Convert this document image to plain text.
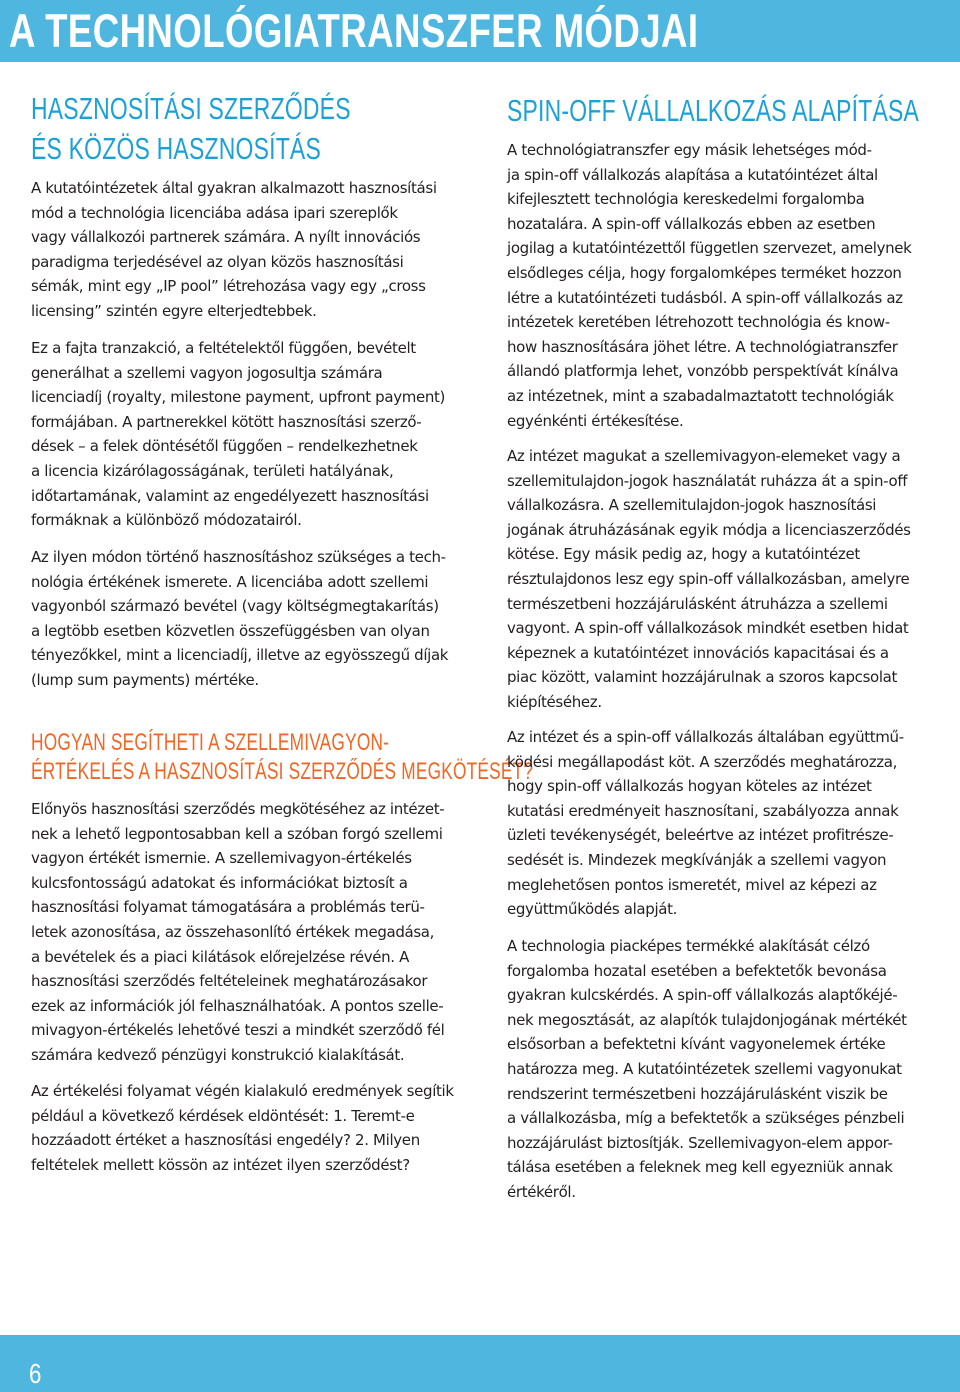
A TECHNOLÓGIATRANSZFER MÓDJAI
HASZNOSÍTÁSI SZERZŐDÉS
ÉS KÖZÖS HASZNOSÍTÁS
A kutatóintézetek által gyakran alkalmazott hasznosítási
mód a technológia licenciába adása ipari szereplők
vagy vállalkozói partnerek számára. A nyílt innovációs
paradigma terjedésével az olyan közös hasznosítási
sémák, mint egy „IP pool” létrehozása vagy egy „cross
licensing” szintén egyre elterjedtebbek.
Ez a fajta tranzakció, a feltételektől függően, bevételt
generálhat a szellemi vagyon jogosultja számára
licenciadíj (royalty, milestone payment, upfront payment)
formájában. A partnerekkel kötött hasznosítási szerző-
dések – a felek döntésétől függően – rendelkezhetnek
a licencia kizárólagosságának, területi hatályának,
időtartamának, valamint az engedélyezett hasznosítási
formáknak a különböző módozatairól.
Az ilyen módon történő hasznosításhoz szükséges a tech-
nológia értékének ismerete. A licenciába adott szellemi
vagyonból származó bevétel (vagy költségmegtakarítás)
a legtöbb esetben közvetlen összefüggésben van olyan
tényezőkkel, mint a licenciadíj, illetve az egyösszegű díjak
(lump sum payments) mértéke.
HOGYAN SEGÍTHETI A SZELLEMIVAGYON-
ÉRTÉKELÉS A HASZNOSÍTÁSI SZERZŐDÉS MEGKÖTÉSÉT?
Előnyös hasznosítási szerződés megkötéséhez az intézet-
nek a lehető legpontosabban kell a szóban forgó szellemi
vagyon értékét ismernie. A szellemivagyon-értékelés
kulcsfontosságú adatokat és információkat biztosít a
hasznosítási folyamat támogatására a problémás terü-
letek azonosítása, az összehasonlító értékek megadása,
a bevételek és a piaci kilátások előrejelzése révén. A
hasznosítási szerződés feltételeinek meghatározásakor
ezek az információk jól felhasználhatóak. A pontos szelle-
mivagyon-értékelés lehetővé teszi a mindkét szerződő fél
számára kedvező pénzügyi konstrukció kialakítását.
Az értékelési folyamat végén kialakuló eredmények segítik
például a következő kérdések eldöntését: 1. Teremt-e
hozzáadott értéket a hasznosítási engedély? 2. Milyen
feltételek mellett kössön az intézet ilyen szerződést?
SPIN-OFF VÁLLALKOZÁS ALAPÍTÁSA
A technológiatranszfer egy másik lehetséges mód-
ja spin-off vállalkozás alapítása a kutatóintézet által
kifejlesztett technológia kereskedelmi forgalomba
hozatalára. A spin-off vállalkozás ebben az esetben
jogilag a kutatóintézettől független szervezet, amelynek
elsődleges célja, hogy forgalomképes terméket hozzon
létre a kutatóintézeti tudásból. A spin-off vállalkozás az
intézetek keretében létrehozott technológia és know-
how hasznosítására jöhet létre. A technológiatranszfer
állandó platformja lehet, vonzóbb perspektívát kínálva
az intézetnek, mint a szabadalmaztatott technológiák
egyénkénti értékesítése.
Az intézet magukat a szellemivagyon-elemeket vagy a
szellemitulajdon-jogok használatát ruházza át a spin-off
vállalkozásra. A szellemitulajdon-jogok hasznosítási
jogának átruházásának egyik módja a licenciaszerződés
kötése. Egy másik pedig az, hogy a kutatóintézet
résztulajdonos lesz egy spin-off vállalkozásban, amelyre
természetbeni hozzájárulásként átruházza a szellemi
vagyont. A spin-off vállalkozások mindkét esetben hidat
képeznek a kutatóintézet innovációs kapacitásai és a
piac között, valamint hozzájárulnak a szoros kapcsolat
kiépítéséhez.
Az intézet és a spin-off vállalkozás általában együttmű-
ködési megállapodást köt. A szerződés meghatározza,
hogy spin-off vállalkozás hogyan köteles az intézet
kutatási eredményeit hasznosítani, szabályozza annak
üzleti tevékenységét, beleértve az intézet profitrésze-
sedését is. Mindezek megkívánják a szellemi vagyon
meglehetősen pontos ismeretét, mivel az képezi az
együttműködés alapját.
A technologia piacképes termékké alakítását célzó
forgalomba hozatal esetében a befektetők bevonása
gyakran kulcskérdés. A spin-off vállalkozás alaptőkéjé-
nek megosztását, az alapítók tulajdonjogának mértékét
elsősorban a befektetni kívánt vagyonelemek értéke
határozza meg. A kutatóintézetek szellemi vagyonukat
rendszerint természetbeni hozzájárulásként viszik be
a vállalkozásba, míg a befektetők a szükséges pénzbeli
hozzájárulást biztosítják. Szellemivagyon-elem appor-
tálása esetében a feleknek meg kell egyezniük annak
értékéről.
6
